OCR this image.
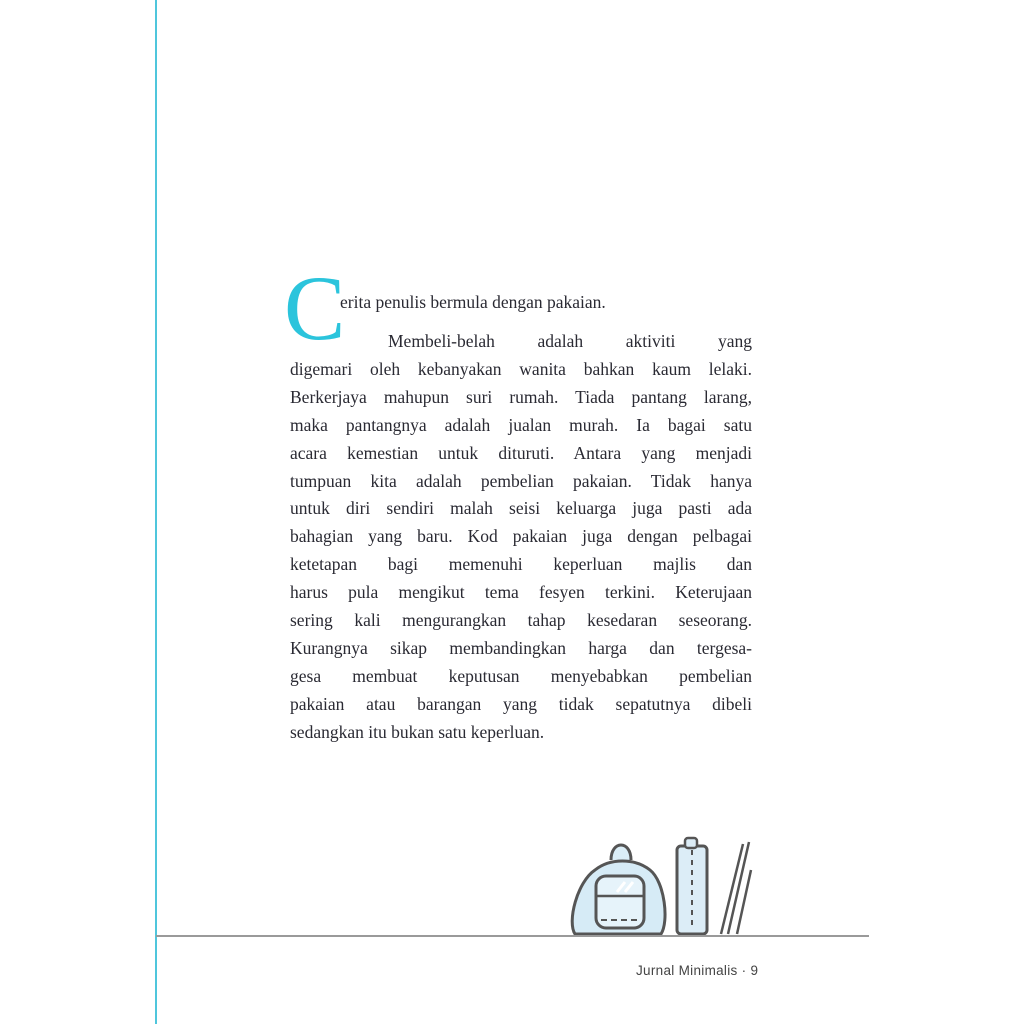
C
erita penulis bermula dengan pakaian.
Membeli-belah adalah aktiviti yang
digemari oleh kebanyakan wanita bahkan kaum lelaki.
Berkerjaya mahupun suri rumah. Tiada pantang larang,
maka pantangnya adalah jualan murah. Ia bagai satu
acara kemestian untuk dituruti. Antara yang menjadi
tumpuan kita adalah pembelian pakaian. Tidak hanya
untuk diri sendiri malah seisi keluarga juga pasti ada
bahagian yang baru. Kod pakaian juga dengan pelbagai
ketetapan bagi memenuhi keperluan majlis dan
harus pula mengikut tema fesyen terkini. Keterujaan
sering kali mengurangkan tahap kesedaran seseorang.
Kurangnya sikap membandingkan harga dan tergesa-
gesa membuat keputusan menyebabkan pembelian
pakaian atau barangan yang tidak sepatutnya dibeli
sedangkan itu bukan satu keperluan.
Jurnal Minimalis · 9
